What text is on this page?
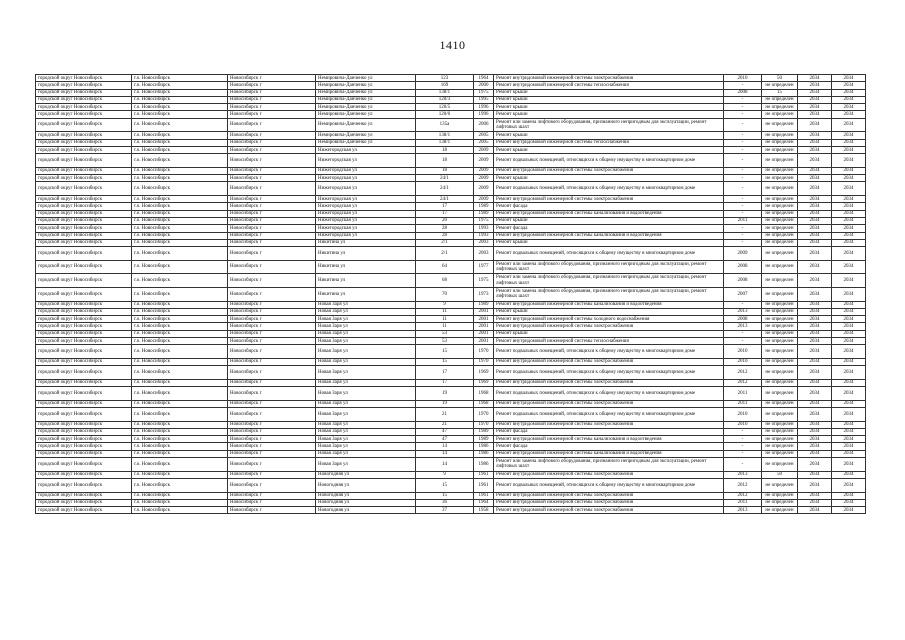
1410
городской округ Новосибирск	г.о. Новосибирск	Новосибирск г	Немировича-Данченко ул	123	1964	Ремонт внутридомовой инженерной системы электроснабжения	2010	50	2034	2034
городской округ Новосибирск	г.о. Новосибирск	Новосибирск г	Немировича-Данченко ул	169	2000	Ремонт внутридомовой инженерной системы теплоснабжения	-	не определен	2034	2034
городской округ Новосибирск	г.о. Новосибирск	Новосибирск г	Немировича-Данченко ул	138/1	1975	Ремонт крыши	2008	15	2034	2034
городской округ Новосибирск	г.о. Новосибирск	Новосибирск г	Немировича-Данченко ул	120/3	1995	Ремонт крыши	-	не определен	2034	2034
городской округ Новосибирск	г.о. Новосибирск	Новосибирск г	Немировича-Данченко ул	120/5	1996	Ремонт крыши	-	не определен	2034	2034
городской округ Новосибирск	г.о. Новосибирск	Новосибирск г	Немировича-Данченко ул	120/6	1996	Ремонт крыши	-	не определен	2034	2034
городской округ Новосибирск	г.о. Новосибирск	Новосибирск г	Немировича-Данченко ул	135а	2006	Ремонт или замена лифтового оборудования, признанного непригодным для эксплуатации, ремонт лифтовых шахт	-	не определен	2034	2034
городской округ Новосибирск	г.о. Новосибирск	Новосибирск г	Немировича-Данченко ул	138/1	2005	Ремонт крыши	-	не определен	2034	2034
городской округ Новосибирск	г.о. Новосибирск	Новосибирск г	Немировича-Данченко ул	138/1	2005	Ремонт внутридомовой инженерной системы теплоснабжения	-	не определен	2034	2034
городской округ Новосибирск	г.о. Новосибирск	Новосибирск г	Нижегородская ул	18	2009	Ремонт крыши	-	не определен	2034	2034
городской округ Новосибирск	г.о. Новосибирск	Новосибирск г	Нижегородская ул	18	2009	Ремонт подвальных помещений, относящихся к общему имуществу в многоквартирном доме	-	не определен	2034	2034
городской округ Новосибирск	г.о. Новосибирск	Новосибирск г	Нижегородская ул	18	2009	Ремонт внутридомовой инженерной системы электроснабжения	-	не определен	2034	2034
городской округ Новосибирск	г.о. Новосибирск	Новосибирск г	Нижегородская ул	24/1	2009	Ремонт крыши	-	не определен	2034	2034
городской округ Новосибирск	г.о. Новосибирск	Новосибирск г	Нижегородская ул	24/1	2009	Ремонт подвальных помещений, относящихся к общему имуществу в многоквартирном доме	-	не определен	2034	2034
городской округ Новосибирск	г.о. Новосибирск	Новосибирск г	Нижегородская ул	24/1	2009	Ремонт внутридомовой инженерной системы электроснабжения	-	не определен	2034	2034
городской округ Новосибирск	г.о. Новосибирск	Новосибирск г	Нижегородская ул	17	1989	Ремонт фасада	-	не определен	2034	2034
городской округ Новосибирск	г.о. Новосибирск	Новосибирск г	Нижегородская ул	17	1989	Ремонт внутридомовой инженерной системы канализования и водоотведения	-	не определен	2034	2034
городской округ Новосибирск	г.о. Новосибирск	Новосибирск г	Нижегородская ул	20	1975	Ремонт крыши	2011	не определен	2034	2034
городской округ Новосибирск	г.о. Новосибирск	Новосибирск г	Нижегородская ул	28	1993	Ремонт фасада	-	не определен	2034	2034
городской округ Новосибирск	г.о. Новосибирск	Новосибирск г	Нижегородская ул	28	1993	Ремонт внутридомовой инженерной системы канализования и водоотведения	-	не определен	2034	2034
городской округ Новосибирск	г.о. Новосибирск	Новосибирск г	Никитина ул	2/1	2003	Ремонт крыши	-	не определен	2034	2034
городской округ Новосибирск	г.о. Новосибирск	Новосибирск г	Никитина ул	2/1	2003	Ремонт подвальных помещений, относящихся к общему имуществу в многоквартирном доме	2009	не определен	2034	2034
городской округ Новосибирск	г.о. Новосибирск	Новосибирск г	Никитина ул	64	1977	Ремонт или замена лифтового оборудования, признанного непригодным для эксплуатации, ремонт лифтовых шахт	2008	не определен	2034	2034
городской округ Новосибирск	г.о. Новосибирск	Новосибирск г	Никитина ул	68	1975	Ремонт или замена лифтового оборудования, признанного непригодным для эксплуатации, ремонт лифтовых шахт	2008	не определен	2034	2034
городской округ Новосибирск	г.о. Новосибирск	Новосибирск г	Никитина ул	70	1973	Ремонт или замена лифтового оборудования, признанного непригодным для эксплуатации, ремонт лифтовых шахт	2007	не определен	2034	2034
городской округ Новосибирск	г.о. Новосибирск	Новосибирск г	Новая Заря ул	9	1989	Ремонт внутридомовой инженерной системы канализования и водоотведения	-	не определен	2034	2034
городской округ Новосибирск	г.о. Новосибирск	Новосибирск г	Новая Заря ул	11	2001	Ремонт крыши	2013	не определен	2034	2034
городской округ Новосибирск	г.о. Новосибирск	Новосибирск г	Новая Заря ул	11	2001	Ремонт внутридомовой инженерной системы холодного водоснабжения	2008	не определен	2034	2034
городской округ Новосибирск	г.о. Новосибирск	Новосибирск г	Новая Заря ул	11	2001	Ремонт внутридомовой инженерной системы электроснабжения	2013	не определен	2034	2034
городской округ Новосибирск	г.о. Новосибирск	Новосибирск г	Новая Заря ул	53	2001	Ремонт крыши	-	не определен	2034	2034
городской округ Новосибирск	г.о. Новосибирск	Новосибирск г	Новая Заря ул	53	2001	Ремонт внутридомовой инженерной системы теплоснабжения	-	не определен	2034	2034
городской округ Новосибирск	г.о. Новосибирск	Новосибирск г	Новая Заря ул	15	1970	Ремонт подвальных помещений, относящихся к общему имуществу в многоквартирном доме	2010	не определен	2034	2034
городской округ Новосибирск	г.о. Новосибирск	Новосибирск г	Новая Заря ул	15	1970	Ремонт внутридомовой инженерной системы электроснабжения	2010	не определен	2034	2034
городской округ Новосибирск	г.о. Новосибирск	Новосибирск г	Новая Заря ул	17	1969	Ремонт подвальных помещений, относящихся к общему имуществу в многоквартирном доме	2012	не определен	2034	2034
городской округ Новосибирск	г.о. Новосибирск	Новосибирск г	Новая Заря ул	17	1969	Ремонт внутридомовой инженерной системы электроснабжения	2012	не определен	2034	2034
городской округ Новосибирск	г.о. Новосибирск	Новосибирск г	Новая Заря ул	19	1968	Ремонт подвальных помещений, относящихся к общему имуществу в многоквартирном доме	2011	не определен	2034	2034
городской округ Новосибирск	г.о. Новосибирск	Новосибирск г	Новая Заря ул	19	1968	Ремонт внутридомовой инженерной системы электроснабжения	2011	не определен	2034	2034
городской округ Новосибирск	г.о. Новосибирск	Новосибирск г	Новая Заря ул	21	1970	Ремонт подвальных помещений, относящихся к общему имуществу в многоквартирном доме	2010	не определен	2034	2034
городской округ Новосибирск	г.о. Новосибирск	Новосибирск г	Новая Заря ул	21	1970	Ремонт внутридомовой инженерной системы электроснабжения	2010	не определен	2034	2034
городской округ Новосибирск	г.о. Новосибирск	Новосибирск г	Новая Заря ул	47	1989	Ремонт фасада	-	не определен	2034	2034
городской округ Новосибирск	г.о. Новосибирск	Новосибирск г	Новая Заря ул	47	1989	Ремонт внутридомовой инженерной системы канализования и водоотведения	-	не определен	2034	2034
городской округ Новосибирск	г.о. Новосибирск	Новосибирск г	Новая Заря ул	14	1986	Ремонт фасада	-	не определен	2034	2034
городской округ Новосибирск	г.о. Новосибирск	Новосибирск г	Новая Заря ул	14	1986	Ремонт внутридомовой инженерной системы канализования и водоотведения	-	не определен	2034	2034
городской округ Новосибирск	г.о. Новосибирск	Новосибирск г	Новая Заря ул	14	1986	Ремонт или замена лифтового оборудования, признанного непригодным для эксплуатации, ремонт лифтовых шахт	-	не определен	2034	2034
городской округ Новосибирск	г.о. Новосибирск	Новосибирск г	Новогодняя ул	9	1961	Ремонт внутридомовой инженерной системы электроснабжения	2013	50	2034	2034
городской округ Новосибирск	г.о. Новосибирск	Новосибирск г	Новогодняя ул	15	1961	Ремонт подвальных помещений, относящихся к общему имуществу в многоквартирном доме	2012	не определен	2034	2034
городской округ Новосибирск	г.о. Новосибирск	Новосибирск г	Новогодняя ул	15	1961	Ремонт внутридомовой инженерной системы электроснабжения	2012	не определен	2034	2034
городской округ Новосибирск	г.о. Новосибирск	Новосибирск г	Новогодняя ул	36	1964	Ремонт внутридомовой инженерной системы электроснабжения	2011	не определен	2034	2034
городской округ Новосибирск	г.о. Новосибирск	Новосибирск г	Новогодняя ул	37	1958	Ремонт внутридомовой инженерной системы электроснабжения	2013	не определен	2034	2034
